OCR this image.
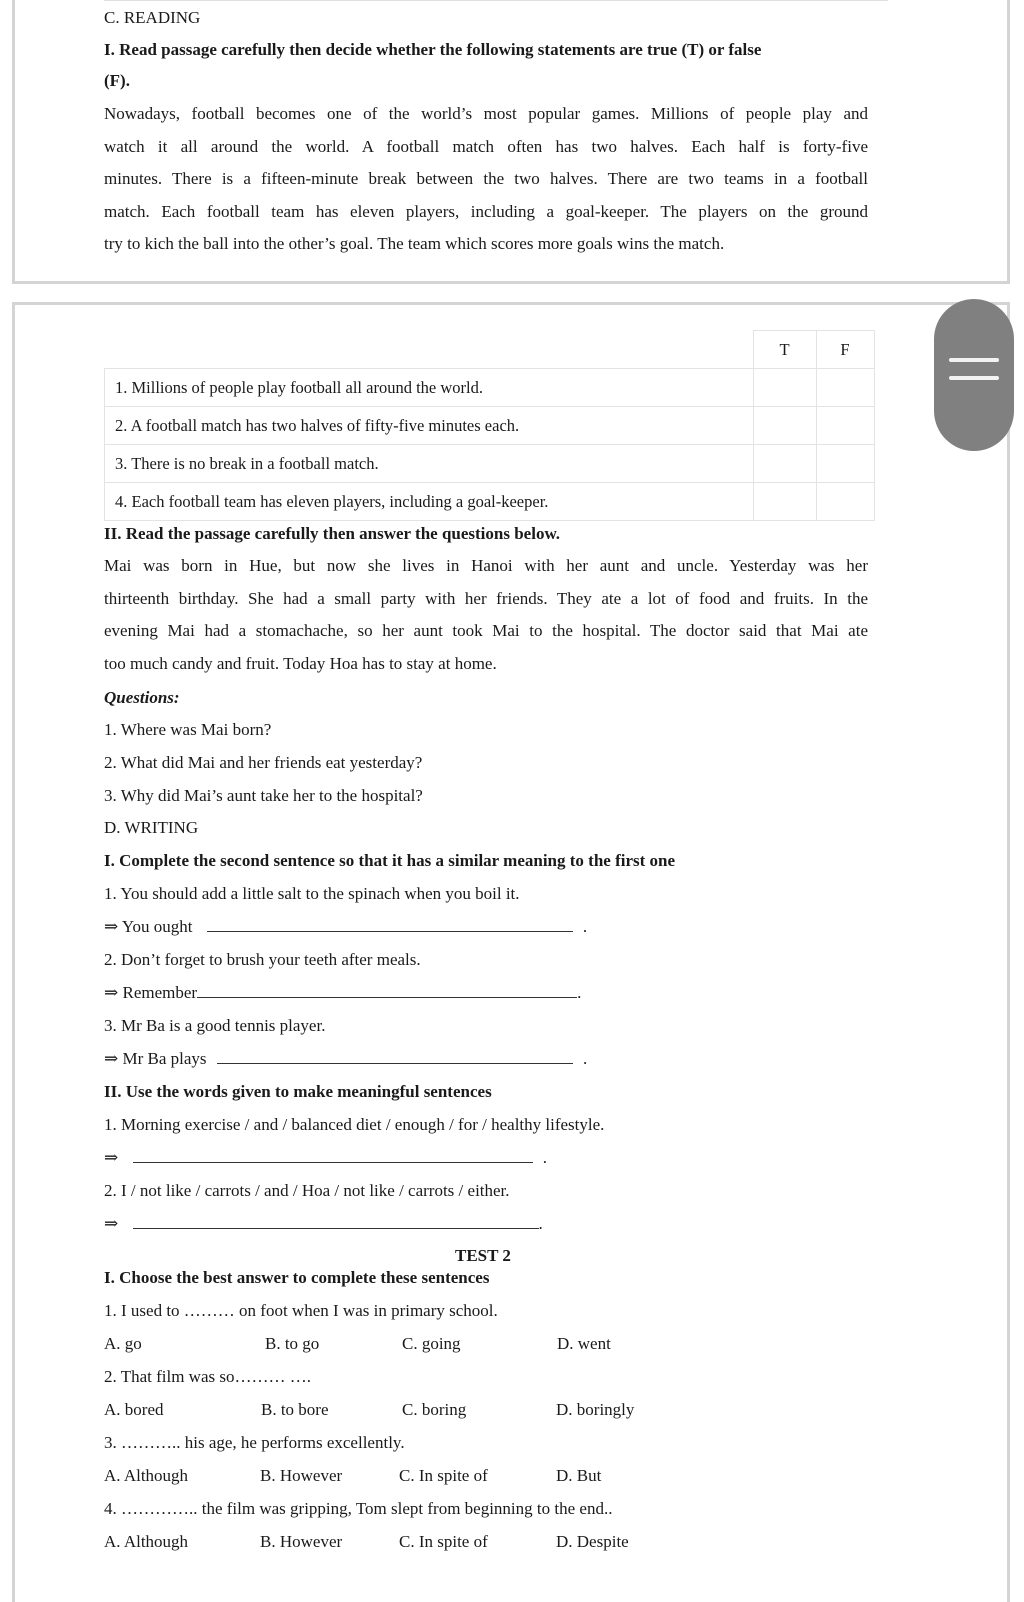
C. READING
I. Read passage carefully then decide whether the following statements are true (T) or false
(F).
Nowadays, football becomes one of the world’s most popular games. Millions of people play and
watch it all around the world. A football match often has two halves. Each half is forty-five
minutes. There is a fifteen-minute break between the two halves. There are two teams in a football
match. Each football team has eleven players, including a goal-keeper. The players on the ground
try to kich the ball into the other’s goal. The team which scores more goals wins the match.
	T	F
1. Millions of people play football all around the world.		
2. A football match has two halves of fifty-five minutes each.		
3. There is no break in a football match.		
4. Each football team has eleven players, including a goal-keeper.		
II. Read the passage carefully then answer the questions below.
Mai was born in Hue, but now she lives in Hanoi with her aunt and uncle. Yesterday was her
thirteenth birthday. She had a small party with her friends. They ate a lot of food and fruits. In the
evening Mai had a stomachache, so her aunt took Mai to the hospital. The doctor said that Mai ate
too much candy and fruit. Today Hoa has to stay at home.
Questions:
1. Where was Mai born?
2. What did Mai and her friends eat yesterday?
3. Why did Mai’s aunt take her to the hospital?
D. WRITING
I. Complete the second sentence so that it has a similar meaning to the first one
1. You should add a little salt to the spinach when you boil it.
⇒ You ought	.
2. Don’t forget to brush your teeth after meals.
⇒ Remember	.
3. Mr Ba is a good tennis player.
⇒ Mr Ba plays	.
II. Use the words given to make meaningful sentences
1. Morning exercise / and / balanced diet / enough / for / healthy lifestyle.
⇒	.
2. I / not like / carrots / and / Hoa / not like / carrots / either.
⇒	.
TEST 2
I. Choose the best answer to complete these sentences
1. I used to ……… on foot when I was in primary school.
A. go	B. to go	C. going	D. went
2. That film was so……… ….
A. bored	B. to bore	C. boring	D. boringly
3. ……….. his age, he performs excellently.
A. Although	B. However	C. In spite of	D. But
4. ………….. the film was gripping, Tom slept from beginning to the end..
A. Although	B. However	C. In spite of	D. Despite
